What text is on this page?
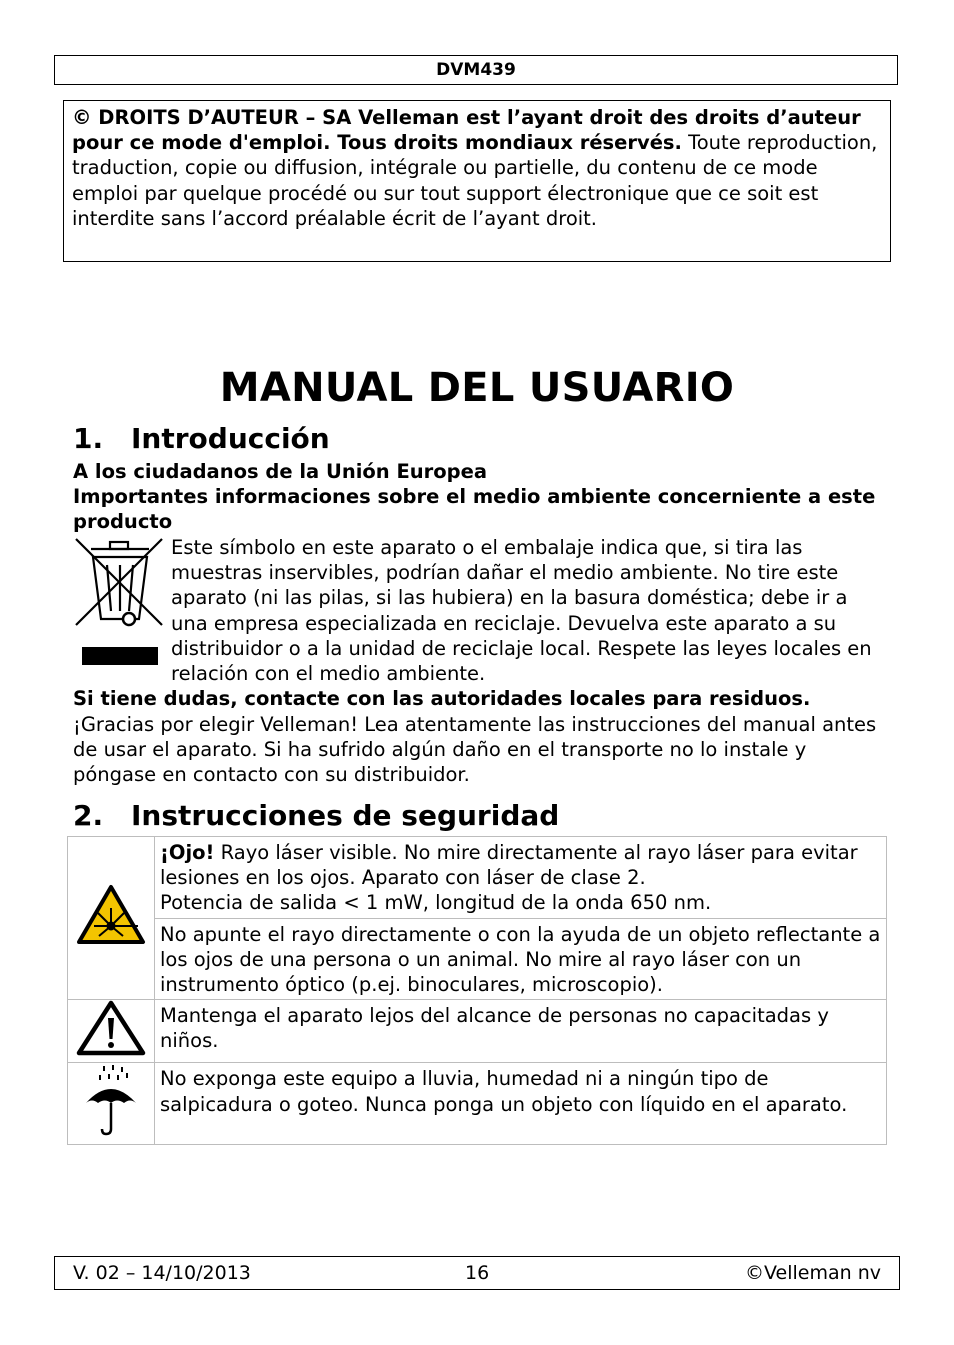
DVM439
© DROITS D’AUTEUR – SA Velleman est l’ayant droit des droits d’auteur pour ce mode d'emploi. Tous droits mondiaux réservés. Toute reproduction, traduction, copie ou diffusion, intégrale ou partielle, du contenu de ce mode emploi par quelque procédé ou sur tout support électronique que ce soit est interdite sans l’accord préalable écrit de l’ayant droit.
MANUAL DEL USUARIO
1. Introducción
A los ciudadanos de la Unión Europea
Importantes informaciones sobre el medio ambiente concerniente a este producto
Este símbolo en este aparato o el embalaje indica que, si tira las muestras inservibles, podrían dañar el medio ambiente. No tire este aparato (ni las pilas, si las hubiera) en la basura doméstica; debe ir a una empresa especializada en reciclaje. Devuelva este aparato a su distribuidor o a la unidad de reciclaje local. Respete las leyes locales en relación con el medio ambiente.
Si tiene dudas, contacte con las autoridades locales para residuos.
¡Gracias por elegir Velleman! Lea atentamente las instrucciones del manual antes de usar el aparato. Si ha sufrido algún daño en el transporte no lo instale y póngase en contacto con su distribuidor.
2. Instrucciones de seguridad
	¡Ojo! Rayo láser visible. No mire directamente al rayo láser para evitar lesiones en los ojos. Aparato con láser de clase 2.
Potencia de salida < 1 mW, longitud de la onda 650 nm.
	No apunte el rayo directamente o con la ayuda de un objeto reflectante a los ojos de una persona o un animal. No mire al rayo láser con un instrumento óptico (p.ej. binoculares, microscopio).
	Mantenga el aparato lejos del alcance de personas no capacitadas y niños.
	No exponga este equipo a lluvia, humedad ni a ningún tipo de salpicadura o goteo. Nunca ponga un objeto con líquido en el aparato.
V. 02 – 14/10/2013	16	©Velleman nv
